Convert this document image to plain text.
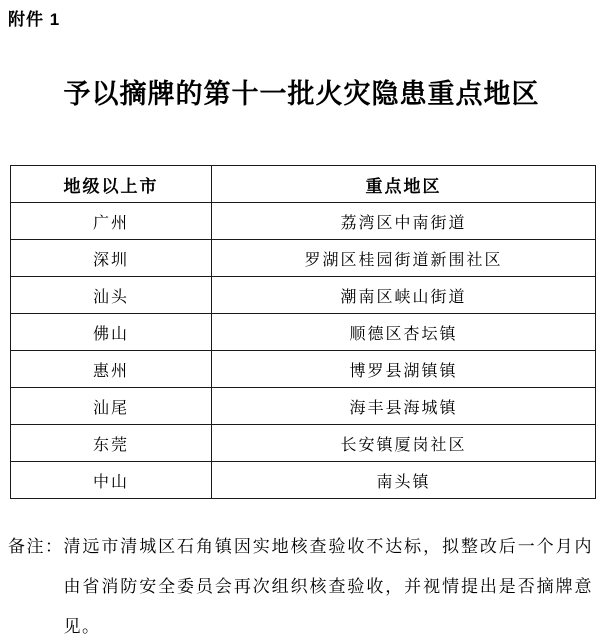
附件 1
予以摘牌的第十一批火灾隐患重点地区
地级以上市	重点地区
广州	荔湾区中南街道
深圳	罗湖区桂园街道新围社区
汕头	潮南区峡山街道
佛山	顺德区杏坛镇
惠州	博罗县湖镇镇
汕尾	海丰县海城镇
东莞	长安镇厦岗社区
中山	南头镇
备注： 清远市清城区石角镇因实地核查验收不达标，拟整改后一个月内由省消防安全委员会再次组织核查验收，并视情提出是否摘牌意见。
